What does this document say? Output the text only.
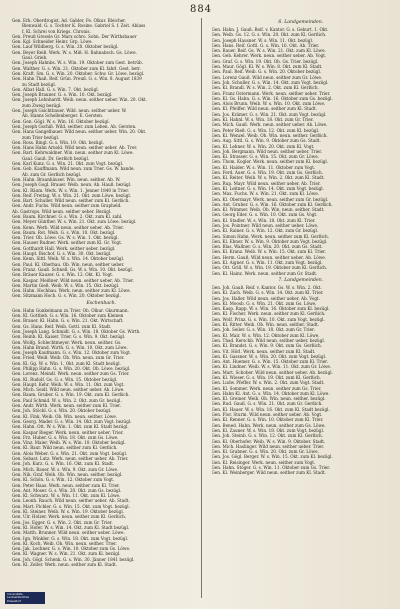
884
Gen. Erk. Oberdrogist, Ad. Gabler, Fe. Ölkur. Bleicher.
Bienwald. G. s. Tochter K. Rosine. Gabriel S. f. Zeit. Ablass
f. Kl. Schrei von Kriegs. Chronis.
Gen. Preuß Gressle Gr. Marx schro. Sohn. Der Wirthsbauer
Gen. Kgl. Schneider Heinr. Grp. Löwe.
Gen. Lauf Wildberg. G. s. Win. 20. Oktober bezügl.
Gen. Beyer Reiß. Werk. W. s. Miß. H. Bahnabsch. Gs. Löwe.
Gaul. Grieb.
Gen. Joseph Hahnbs. W. s. Win. 19. Oktober zum Gest. betrüb.
Gen. Walther. G. s. Win. 21. Oktober zum Kl. fahrl. Gest. betr.
Gen. Kraft. Sm. G. s. Win. 20. Oktober. Schw. Gr. Löwe. bezügl.
Gen. Hahn Thaß. Reif. Grün. Preuß. G. s. Win. 8. August 1839
zu Stadt bezügl.
Gen. Albat Hall. G. s. Win. 7. Okt. bezügl.
Gen. Joseph Brauner. G. s. Win. 10. Okt. bezügl.
Gen. Joseph Lehnhardt. Weib. neun. seither ueber. Win. 20. Okt.
zum Zweig bezügl.
Gen. Joseph Gsichtbauer. Wild. neun. seither ueber. W.
Ab. Hanns Schellenberger. E. Gersten.
Gen. Gen. Gögl. W. s. Win. 16. Oktober bezügl.
Gen. Joseph Gschiß. Wild. seither. zum Leben. Ab. Gersten.
Gen. Hans Gangelbauer. Wild neun. seither ueber. Win. 20. Okt.
zum Trier bezügl.
Gen. Ross. Bingl. G. s. Win. 19. Okt. bezügl.
Gen. Hans Hahn Arnold. Wild neun. seither ueber. Ab. Trer.
Gen. Bart. Kehrwaldner. Win. neun. seither zum Kl. Löwe.
Gaul. Gauß. Dr. Gerßich bezügl.
Gen. Karl Kunz. G. s. Win. 21. Okt. zum Vogt. bezügl.
Gen. Geb. Kauffmann. Wild neun. zum Trier. Gs. W. hande.
Ab. zum Gr. Gerßich bezügl.
Gen. Hahn. Braunhäuser. Win. neun. seither. Ab. W.
Gen. Joseph Gogl. Brauer. Weib. neun. Ab. Hauß. bezügl.
Gen. Kl. Bäum. Werk. W. s. Win. 1. Jenner 1840 in Trier.
Gen. Reif. Freitag. W. s. Win. 21. Okt. zum Löwe. bezügl.
Gen. Bart. Schuller. Wild neun. seither zum Kl. Gerßich.
Gen. Andr. Fuchs. Wild neun. seither zum Grapheld.
Ab. Gastrops. Wild neun. seither ueber. Bezügl.
Gen. Baum. Kirchner. G. s. Win. 2. Okt. zum Kl. zahl.
Gen. Meyer Günther. W. s. Win. 21. Okt. zum Löwe. bezügl.
Gen. Kenn. Werb. Wild neun. seither ueber. Ab. Trier.
Gen. Baum. Rot. Weib. G. s. Win. 10. Okt. bezügl.
Gen. Trier. Ob. Löwe. Gs. W. s. Win. 1. Okt. bezügl.
Gen. Hauser Rudner. Werk. seither zum Kl. Gr. Vogt.
Gen. Gotthardt Hall. Werk. seither ueber. bezügl.
Gen. Haupt. Bischof. G. s. Win. 30. Okt. bezügl.
Gen. Kenn. Sittl. Weib. W. s. Win. 14. Oktober bezügl.
Gen. Paul. Kl. Oberbau. Ob. Win. neun. seither ueber.
Gen. Franz. Gauß. Schnell. Gs. W. s. Win. 10. Okt. bezügl.
Gen. Bräuer Kauzer. G. s. Win. 12. Okt. Kl. Vogt.
Gen. Kaspar. Meißner. Wild neun. seither ueber. Ab. Trier.
Gen. Martin Gieß. Weib. W. s. Win. 15. Okt. bezügl.
Gen. Hahn. Hochbau. Werk. neun. seither zum Kl. Löwe.
Gen. Sitzmann Hoch. G. s. Win. 20. Oktober bezügl.
Eschenbach.
Gen. Hahn Gunkelmann zu Trier. Ob. Ölkur. Gkurmann.
Gen. Kl. Gottlieb. G. s. Win. 16. Oktober zum Kleinen
Gen. Brauer. Kl. Hahn. G. s. Win. 21. Okt. Wirtschaft.
Gen. Gs. Hans. Reif. Weib. Gottl. zum Kl. Stadt.
Gen. Joseph Lang. Schmidt. G. s. Win. 18. Oktober Gs. Wirth.
Gen. Reinh. Kl. Kaiser. Trier. G. s. Win. 9. Okt. bezügl.
Gen. Wolfg. Schlechtmeyer. Werk. neun. seither. Gs.
Gen. Hahn Brand. Wirth. G. s. Win. 10. Okt. zum Löwe.
Gen. Joseph Kaufmann. G. s. Win. 12. Oktober zum Vogt.
Gen. Fried. Weiß. Weib. Ob. Win. neun. zum Gr. Trier.
Gen. Kl. Gg. W. s. Win. 1. Okt. zum Kl. Stadt bezügl.
Gen. Philipp Hahn. G. s. Win. 20. Okt. Ob. Löwe. bezügl.
Gen. Lorenz. Meindl. Werk. neun. seither zum Gs. Trier.
Gen. Kl. Rudolf. Gs. G. s. Win. 15. Oktober bezügl.
Gen. Haupt. Kehr. Weib. W. s. Win. 11. Okt. zum Vogt.
Gen. Mich. Seidl. Wild neun. seither ueber. Ab. Löwe.
Gen. Baum. Gruber. G. s. Win. 19. Okt. zum Kl. Gerßich.
Gen. Paul Schmid. W. s. Win. 2. Okt. zum Gr. bezügl.
Gen. Andr. Wirth. Werk. neun. seither zum Kl. Trier.
Gen. Joh. Stöckl. G. s. Win. 20. Oktober bezügl.
Gen. Kl. Fink. Weib. Ob. Win. neun. seither. Löwe.
Gen. Georg. Mader. G. s. Win. 14. Okt. zum Vogt. bezügl.
Gen. Hahn. Ott. W. s. Win. 1. Okt. zum Kl. Stadt bezügl.
Gen. Kaspar Rieger. Werk. neun. seither ueber. Trier.
Gen. Frz. Huber. G. s. Win. 18. Okt. zum Gs. Löwe.
Gen. Vinz. Maier. Weib. W. s. Win. 10. Oktober bezügl.
Gen. Kl. Baur. Wild neun. seither zum Kl. Gerßich.
Gen. Alois Weber. G. s. Win. 21. Okt. zum Vogt. bezügl.
Gen. Sebast. Lutz. Werk. neun. seither ueber. Ab. Trier.
Gen. Joh. Kurz. G. s. Win. 16. Okt. zum Kl. Stadt.
Gen. Mich. Bauer. W. s. Win. 9. Okt. zum Gr. Löwe.
Gen. Nik. Graf. Weib. Ob. Win. neun. seither. bezügl.
Gen. Kl. Schön. G. s. Win. 12. Oktober zum Vogt.
Gen. Peter Haas. Werk. neun. seither zum Kl. Trier.
Gen. Ant. Moser. G. s. Win. 20. Okt. zum Gs. bezügl.
Gen. Kl. Schwarz. W. s. Win. 11. Okt. zum Kl. Löwe.
Gen. Leonh. Rauch. Wild neun. seither ueber. Ab. Stadt.
Gen. Mart. Pichler. G. s. Win. 15. Okt. zum Vogt. bezügl.
Gen. Kl. Steiner. Weib. W. s. Win. 19. Oktober bezügl.
Gen. Ulr. Holzer. Werk. neun. seither zum Kl. Gerßich.
Gen. Jos. Egger. G. s. Win. 2. Okt. zum Gr. Trier.
Gen. Kl. Hofer. W. s. Win. 14. Okt. zum Kl. Stadt bezügl.
Gen. Matth. Brunner. Wild neun. seither ueber. Löwe.
Gen. Ign. Winkler. G. s. Win. 18. Okt. zum Vogt. bezügl.
Gen. Kl. Koch. Weib. Ob. Win. neun. seither. Trier.
Gen. Jak. Lechner. G. s. Win. 10. Oktober zum Gs. Löwe.
Gen. Kl. Wagner. W. s. Win. 21. Okt. zum Kl. bezügl.
Gen. Joh. Gögl. Schenk. G. s. Win. 30. Jänner 1841 bezügl.
Gen. Kl. Zeller. Werk. neun. seither zum Kl. Stadt.
6. Landgemeinden.
Gen. Hahn. J. Gauß. Reif. v. Kantor. G. s. Geburt. 1. Okt.
Gen. Weib. Gs. 12. G. s. Win. 20. Okt. zum Kl. Gerßich.
Gen. Joseph Hausner. W. s. Win. 11. Okt. bezügl.
Gen. Hans. Reif. Gottl. G. s. Win. 16. Okt. Ab. Trier.
Gen. Bauer. Reif. Gs. W. s. Win. 21. Okt. zum Kl. Löwe.
Gen. Geb. Kehrer. Werk. neun. seither ueber. Ab. Vogt.
Gen. Graf. G. s. Win. 19. Okt. Ob. Gs. Trier. bezügl.
Gen. Maur. Gögl. Kl. W. s. Win. 8. Okt. zum Kl. Stadt.
Gen. Paul. Reif. Weib. G. s. Win. 20. Oktober bezügl.
Gen. Lorenz Gauß. Wild neun. seither zum Gr. Löwe.
Gen. Joh. Schuller. G. s. Win. 14. Okt. zum Vogt. bezügl.
Gen. Kl. Brandl. W. s. Win. 2. Okt. zum Kl. Gerßich.
Gen. Franz Ostermann. Werk. neun. seither ueber. Trier.
Gen. Kl. Gs. Hahn. G. s. Win. 16. Oktober zum Gs. bezügl.
Gen. Alois Brunn. Weib. W. s. Win. 10. Okt. zum Löwe.
Gen. Kl. Pfeiffer. Wild neun. seither zum Kl. Stadt.
Gen. Jos. Krämer. G. s. Win. 21. Okt. zum Vogt. bezügl.
Gen. Kl. Hahnl. W. s. Win. 18. Okt. zum Gr. Trier.
Gen. Mich. Gauß. Werk. neun. seither ueber. Ab. Löwe.
Gen. Peter Rieß. G. s. Win. 12. Okt. zum Kl. bezügl.
Gen. Kl. Wenzel. Weib. Ob. Win. neun. seither. Gerßich.
Gen. Aug. Sittl. G. s. Win. 9. Oktober zum Gs. Stadt.
Gen. Kl. Lehner. W. s. Win. 20. Okt. zum Kl. Vogt.
Gen. Joh. Bergmann. Wild neun. seither ueber. Trier.
Gen. Kl. Strasser. G. s. Win. 15. Okt. zum Gr. Löwe.
Gen. Thom. Kogler. Werk. neun. seither zum Kl. bezügl.
Gen. Kl. Haider. W. s. Win. 11. Oktober zum Vogt.
Gen. Ferd. Auer. G. s. Win. 19. Okt. zum Gs. Gerßich.
Gen. Kl. Reiter. Weib. W. s. Win. 2. Okt. zum Kl. Stadt.
Gen. Rup. Mayr. Wild neun. seither ueber. Ab. Trier.
Gen. Kl. Leitner. G. s. Win. 14. Okt. zum Vogt. bezügl.
Gen. Max. Fuchs. W. s. Win. 21. Okt. zum Kl. Löwe.
Gen. Kl. Obermayr. Werk. neun. seither zum Gr. bezügl.
Gen. Ant. Gruber. G. s. Win. 16. Oktober zum Kl. Gerßich.
Gen. Kl. Wimmer. Weib. Ob. Win. neun. seither. Stadt.
Gen. Georg Eder. G. s. Win. 10. Okt. zum Gs. Vogt.
Gen. Kl. Stadler. W. s. Win. 18. Okt. zum Kl. Trier.
Gen. Jos. Pointner. Wild neun. seither ueber. Löwe.
Gen. Kl. Rainer. G. s. Win. 12. Okt. zum Gr. bezügl.
Gen. Simon Hahn. Werk. neun. seither zum Kl. Gerßich.
Gen. Kl. Ebner. W. s. Win. 9. Oktober zum Vogt. bezügl.
Gen. Blas. Wallner. G. s. Win. 20. Okt. zum Gs. Stadt.
Gen. Kl. Kranz. Weib. W. s. Win. 15. Okt. zum Kl. Trier.
Gen. Herm. Gauß. Wild neun. seither ueber. Ab. Löwe.
Gen. Kl. Aigner. G. s. Win. 11. Okt. zum Vogt. bezügl.
Gen. Ott. Grill. W. s. Win. 19. Oktober zum Kl. Gerßich.
Gen. Kl. Hainz. Werk. neun. seither zum Gr. Stadt.
7. Landgemeinden.
Gen. Joh. Gauß. Reif. v. Kantor. Gs. W. s. Win. 2. Okt.
Gen. Kl. Zach. Weib. G. s. Win. 14. Okt. zum Kl. Trier.
Gen. Jos. Haller. Wild neun. seither ueber. Ab. Vogt.
Gen. Kl. Moosb. G. s. Win. 21. Okt. zum Gs. Löwe.
Gen. Kasp. Rapp. W. s. Win. 16. Oktober zum Kl. bezügl.
Gen. Kl. Fischer. Werk. neun. seither zum Kl. Gerßich.
Gen. Wolf. Prinz. G. s. Win. 10. Okt. zum Vogt. bezügl.
Gen. Kl. Ritter. Weib. Ob. Win. neun. seither. Stadt.
Gen. Joh. Seiler. G. s. Win. 18. Okt. zum Gr. Trier.
Gen. Kl. Mair. W. s. Win. 12. Oktober zum Kl. Löwe.
Gen. Thad. Kerschb. Wild neun. seither ueber. bezügl.
Gen. Kl. Brandst. G. s. Win. 9. Okt. zum Gs. Gerßich.
Gen. Vit. Hörl. Werk. neun. seither zum Kl. Stadt.
Gen. Kl. Gassner. W. s. Win. 20. Okt. zum Vogt. bezügl.
Gen. Ant. Huemer. G. s. Win. 15. Oktober zum Kl. Trier.
Gen. Kl. Lindner. Weib. W. s. Win. 11. Okt. zum Gr. Löwe.
Gen. Mart. Schober. Wild neun. seither ueber. Ab. bezügl.
Gen. Kl. Wieser. G. s. Win. 19. Okt. zum Kl. Gerßich.
Gen. Ludw. Pfeffer. W. s. Win. 2. Okt. zum Vogt. Stadt.
Gen. Kl. Sommer. Werk. neun. seither zum Gs. Trier.
Gen. Hahn Kl. Ant. G. s. Win. 14. Oktober zum Kl. Löwe.
Gen. Kl. Greiner. Weib. Ob. Win. neun. seither. bezügl.
Gen. Rud. Gauß. G. s. Win. 21. Okt. zum Gr. Gerßich.
Gen. Kl. Hauer. W. s. Win. 16. Okt. zum Kl. Stadt bezügl.
Gen. Flor. Sturm. Wild neun. seither ueber. Ab. Vogt.
Gen. Kl. Renner. G. s. Win. 10. Oktober zum Kl. Trier.
Gen. Bened. Hahn. Werk. neun. seither zum Gs. Löwe.
Gen. Kl. Zauner. W. s. Win. 18. Okt. zum Vogt. bezügl.
Gen. Joh. Steinb. G. s. Win. 12. Okt. zum Kl. Gerßich.
Gen. Kl. Oberhofer. Weib. W. s. Win. 9. Oktober. Stadt.
Gen. Mich. Haslinger. Wild neun. seither ueber. Trier.
Gen. Kl. Grabner. G. s. Win. 20. Okt. zum Gr. Löwe.
Gen. Jos. Gögl. Berger. W. s. Win. 15. Okt. zum Kl. bezügl.
Gen. Kl. Reisinger. Werk. neun. seither zum Vogt.
Gen. Hahn. Stöger. G. s. Win. 11. Oktober zum Gs. Trier.
Gen. Kl. Weinberger. Wild neun. seither zum Kl. Stadt.
Universitäts-
Landesbibliothek
Düsseldorf
